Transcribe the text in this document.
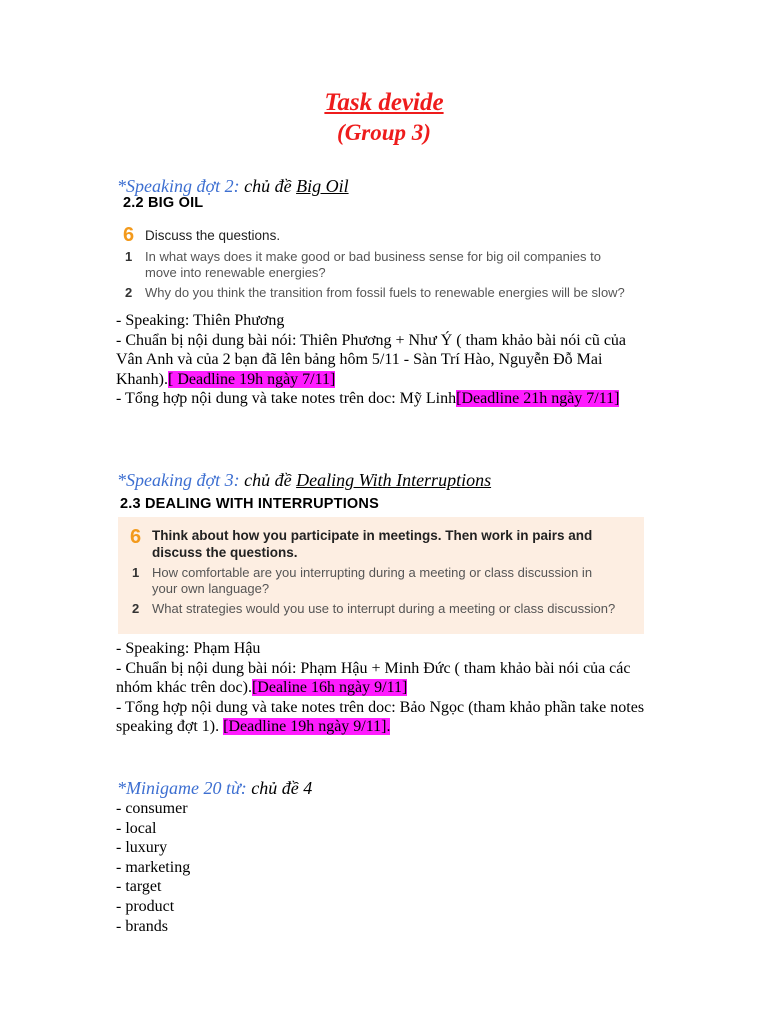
Task devide
(Group 3)
*Speaking đợt 2: chủ đề Big Oil
2.2 BIG OIL
6 Discuss the questions.
1 In what ways does it make good or bad business sense for big oil companies to move into renewable energies?
2 Why do you think the transition from fossil fuels to renewable energies will be slow?

- Speaking: Thiên Phương

- Chuẩn bị nội dung bài nói: Thiên Phương + Như Ý ( tham khảo bài nói cũ của Vân Anh và của 2 bạn đã lên bảng hôm 5/11 - Sàn Trí Hào, Nguyễn Đỗ Mai Khanh).[ Deadline 19h ngày 7/11]

- Tổng hợp nội dung và take notes trên doc: Mỹ Linh[Deadline 21h ngày 7/11]

*Speaking đợt 3: chủ đề Dealing With Interruptions
2.3 DEALING WITH INTERRUPTIONS
6 Think about how you participate in meetings. Then work in pairs and discuss the questions.
1 How comfortable are you interrupting during a meeting or class discussion in your own language?
2 What strategies would you use to interrupt during a meeting or class discussion?

- Speaking: Phạm Hậu

- Chuẩn bị nội dung bài nói: Phạm Hậu + Minh Đức ( tham khảo bài nói của các nhóm khác trên doc).[Dealine 16h ngày 9/11]

- Tổng hợp nội dung và take notes trên doc: Bảo Ngọc (tham khảo phần take notes speaking đợt 1). [Deadline 19h ngày 9/11].

*Minigame 20 từ: chủ đề 4

- consumer

- local

- luxury

- marketing

- target

- product

- brands
